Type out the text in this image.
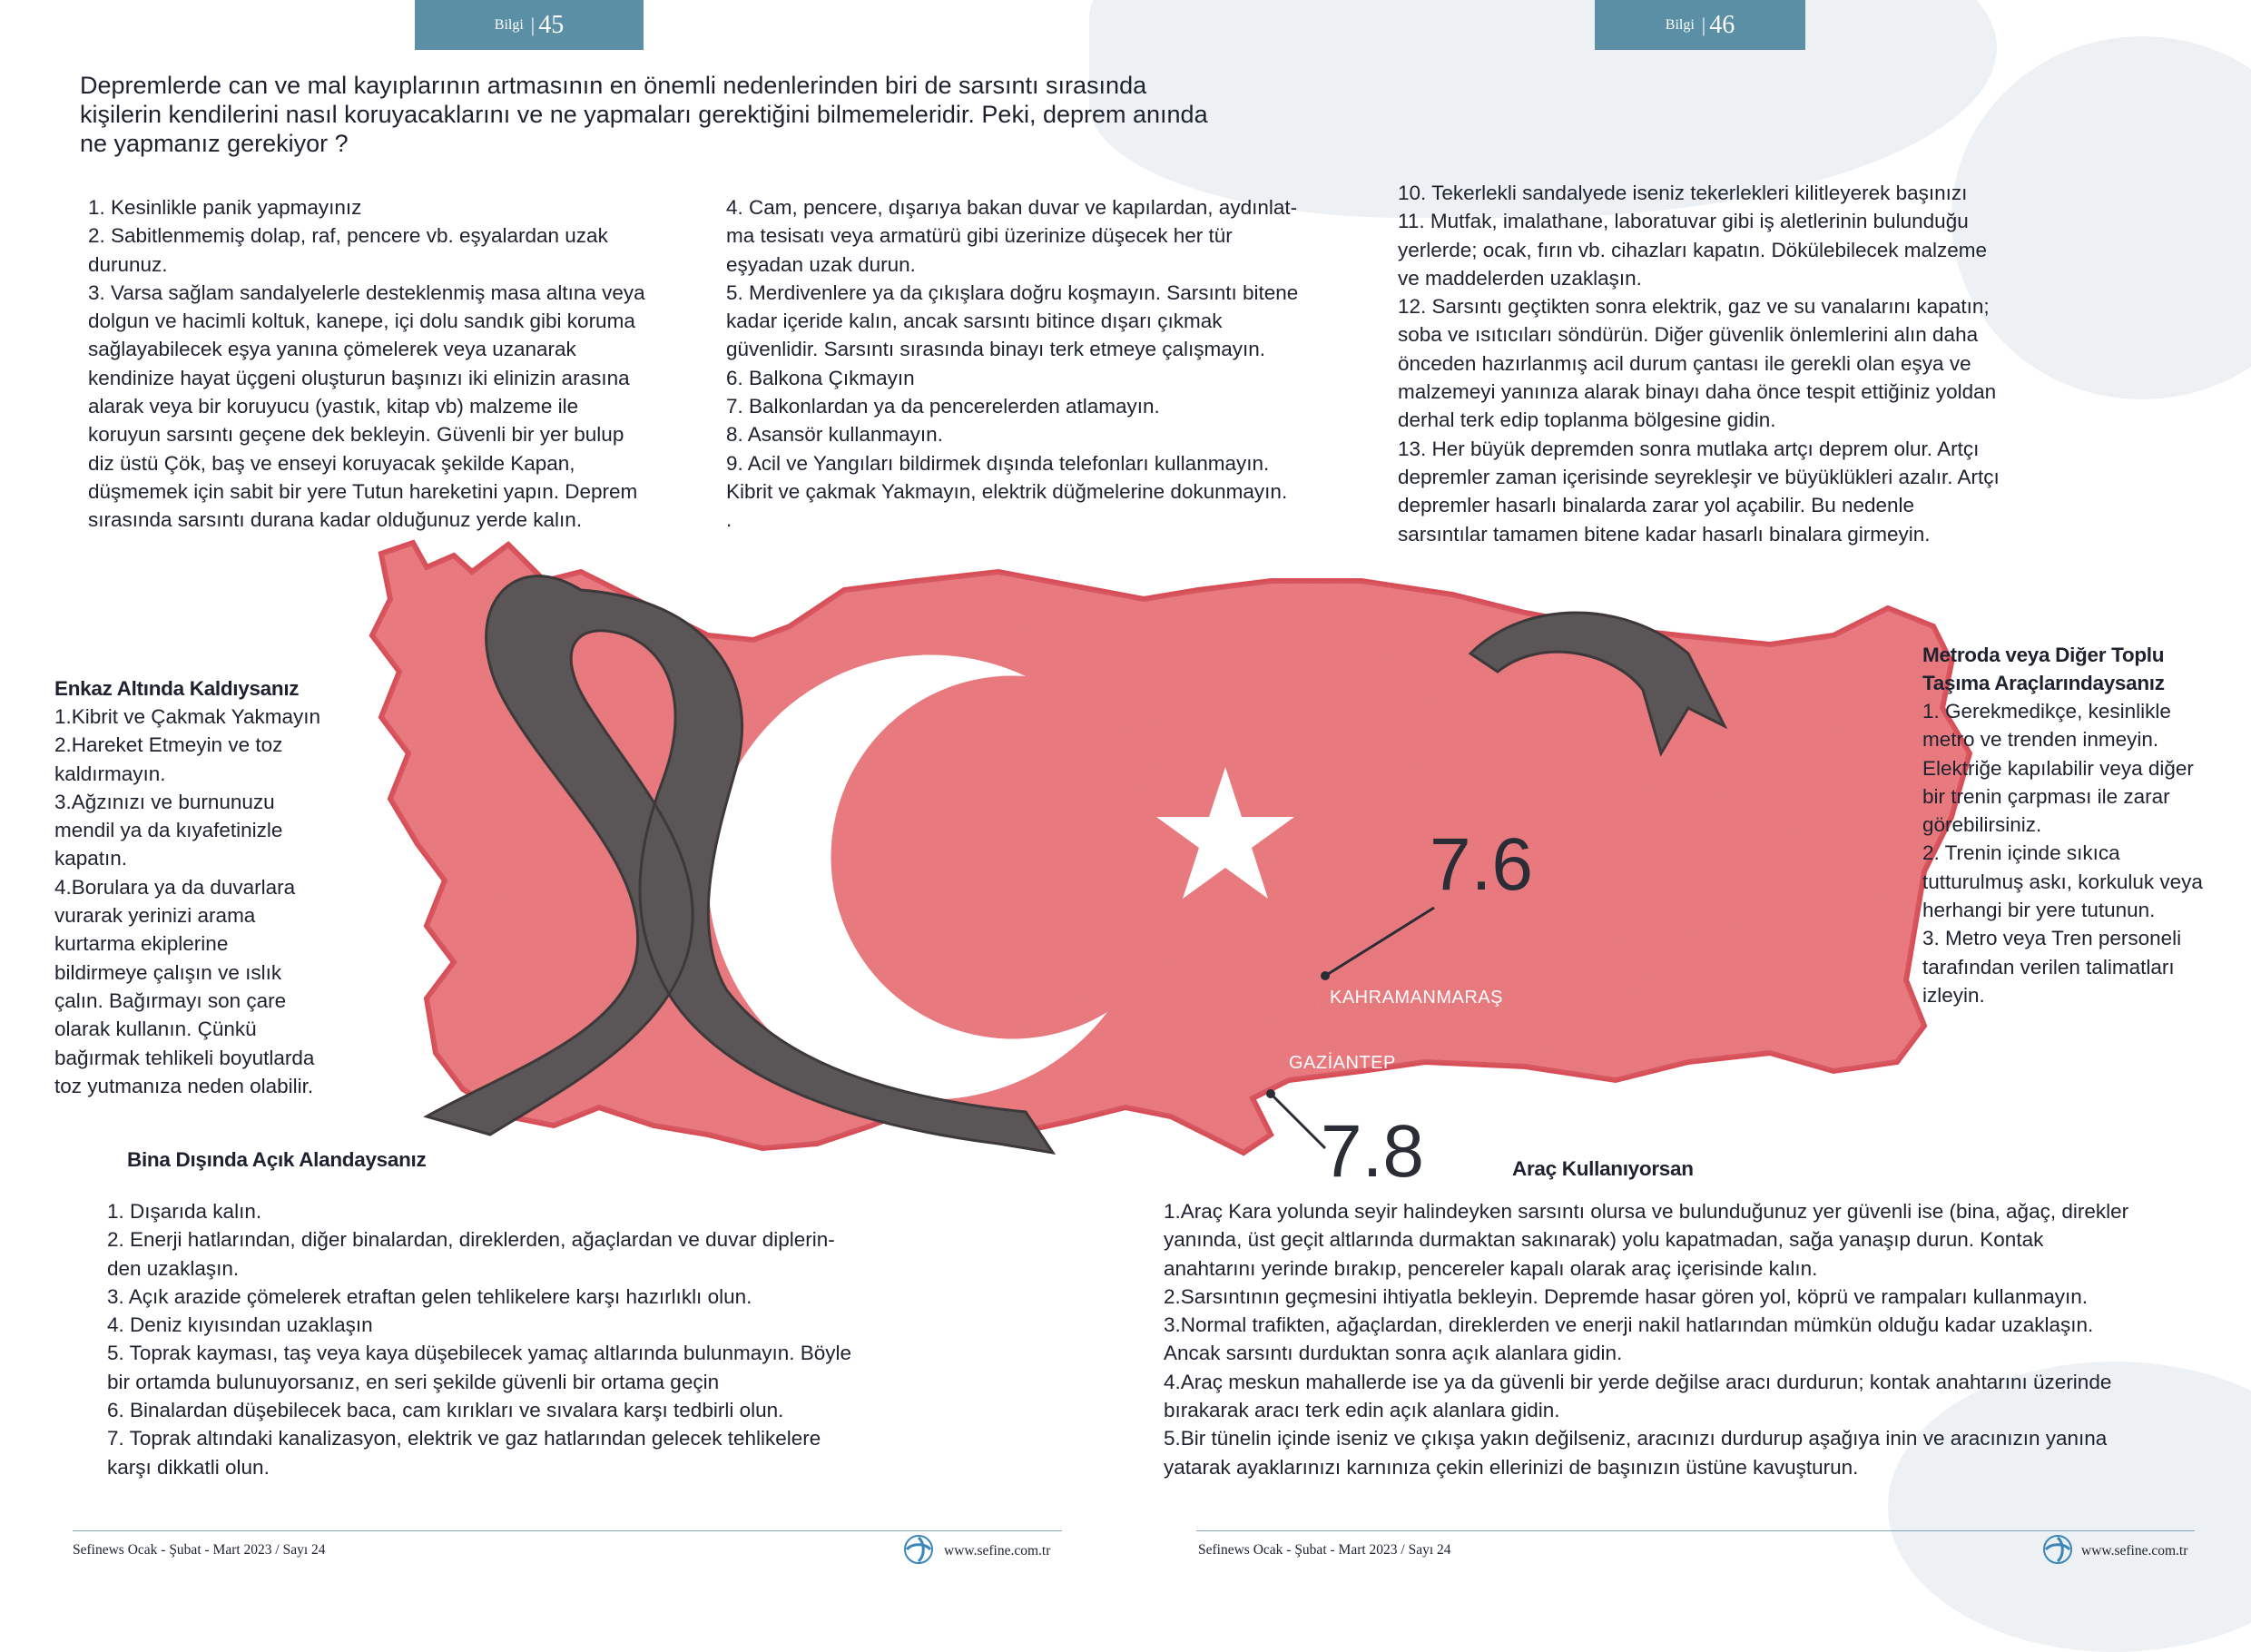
Bilgi | 45	Bilgi | 46

Depremlerde can ve mal kayıplarının artmasının en önemli nedenlerinden biri de sarsıntı sırasında kişilerin kendilerini nasıl koruyacaklarını ve ne yapmaları gerektiğini bilmemeleridir. Peki, deprem anında ne yapmanız gerekiyor ?

7.6
KAHRAMANMARAŞ
GAZİANTEP
7.8

1. Kesinlikle panik yapmayınız

2. Sabitlenmemiş dolap, raf, pencere vb. eşyalardan uzak

durunuz.

3. Varsa sağlam sandalyelerle desteklenmiş masa altına veya

dolgun ve hacimli koltuk, kanepe, içi dolu sandık gibi koruma

sağlayabilecek eşya yanına çömelerek veya uzanarak

kendinize hayat üçgeni oluşturun başınızı iki elinizin arasına

alarak veya bir koruyucu (yastık, kitap vb) malzeme ile

koruyun sarsıntı geçene dek bekleyin. Güvenli bir yer bulup

diz üstü Çök, baş ve enseyi koruyacak şekilde Kapan,

düşmemek için sabit bir yere Tutun hareketini yapın. Deprem

sırasında sarsıntı durana kadar olduğunuz yerde kalın.

4. Cam, pencere, dışarıya bakan duvar ve kapılardan, aydınlat-

ma tesisatı veya armatürü gibi üzerinize düşecek her tür

eşyadan uzak durun.

5. Merdivenlere ya da çıkışlara doğru koşmayın. Sarsıntı bitene

kadar içeride kalın, ancak sarsıntı bitince dışarı çıkmak

güvenlidir. Sarsıntı sırasında binayı terk etmeye çalışmayın.

6. Balkona Çıkmayın

7. Balkonlardan ya da pencerelerden atlamayın.

8. Asansör kullanmayın.

9. Acil ve Yangıları bildirmek dışında telefonları kullanmayın.

Kibrit ve çakmak Yakmayın, elektrik düğmelerine dokunmayın.

.

10. Tekerlekli sandalyede iseniz tekerlekleri kilitleyerek başınızı

11. Mutfak, imalathane, laboratuvar gibi iş aletlerinin bulunduğu

yerlerde; ocak, fırın vb. cihazları kapatın. Dökülebilecek malzeme

ve maddelerden uzaklaşın.

12. Sarsıntı geçtikten sonra elektrik, gaz ve su vanalarını kapatın;

soba ve ısıtıcıları söndürün. Diğer güvenlik önlemlerini alın daha

önceden hazırlanmış acil durum çantası ile gerekli olan eşya ve

malzemeyi yanınıza alarak binayı daha önce tespit ettiğiniz yoldan

derhal terk edip toplanma bölgesine gidin.

13. Her büyük depremden sonra mutlaka artçı deprem olur. Artçı

depremler zaman içerisinde seyrekleşir ve büyüklükleri azalır. Artçı

depremler hasarlı binalarda zarar yol açabilir. Bu nedenle

sarsıntılar tamamen bitene kadar hasarlı binalara girmeyin.

Enkaz Altında Kaldıysanız

1.Kibrit ve Çakmak Yakmayın

2.Hareket Etmeyin ve toz

kaldırmayın.

3.Ağzınızı ve burnunuzu

mendil ya da kıyafetinizle

kapatın.

4.Borulara ya da duvarlara

vurarak yerinizi arama

kurtarma ekiplerine

bildirmeye çalışın ve ıslık

çalın. Bağırmayı son çare

olarak kullanın. Çünkü

bağırmak tehlikeli boyutlarda

toz yutmanıza neden olabilir.

Metroda veya Diğer Toplu

Taşıma Araçlarındaysanız

1. Gerekmedikçe, kesinlikle

metro ve trenden inmeyin.

Elektriğe kapılabilir veya diğer

bir trenin çarpması ile zarar

görebilirsiniz.

2. Trenin içinde sıkıca

tutturulmuş askı, korkuluk veya

herhangi bir yere tutunun.

3. Metro veya Tren personeli

tarafından verilen talimatları

izleyin.

Bina Dışında Açık Alandaysanız

1. Dışarıda kalın.

2. Enerji hatlarından, diğer binalardan, direklerden, ağaçlardan ve duvar diplerin-

den uzaklaşın.

3. Açık arazide çömelerek etraftan gelen tehlikelere karşı hazırlıklı olun.

4. Deniz kıyısından uzaklaşın

5. Toprak kayması, taş veya kaya düşebilecek yamaç altlarında bulunmayın. Böyle

bir ortamda bulunuyorsanız, en seri şekilde güvenli bir ortama geçin

6. Binalardan düşebilecek baca, cam kırıkları ve sıvalara karşı tedbirli olun.

7. Toprak altındaki kanalizasyon, elektrik ve gaz hatlarından gelecek tehlikelere

karşı dikkatli olun.

Araç Kullanıyorsan

1.Araç Kara yolunda seyir halindeyken sarsıntı olursa ve bulunduğunuz yer güvenli ise (bina, ağaç, direkler

yanında, üst geçit altlarında durmaktan sakınarak) yolu kapatmadan, sağa yanaşıp durun. Kontak

anahtarını yerinde bırakıp, pencereler kapalı olarak araç içerisinde kalın.

2.Sarsıntının geçmesini ihtiyatla bekleyin. Depremde hasar gören yol, köprü ve rampaları kullanmayın.

3.Normal trafikten, ağaçlardan, direklerden ve enerji nakil hatlarından mümkün olduğu kadar uzaklaşın.

Ancak sarsıntı durduktan sonra açık alanlara gidin.

4.Araç meskun mahallerde ise ya da güvenli bir yerde değilse aracı durdurun; kontak anahtarını üzerinde

bırakarak aracı terk edin açık alanlara gidin.

5.Bir tünelin içinde iseniz ve çıkışa yakın değilseniz, aracınızı durdurup aşağıya inin ve aracınızın yanına

yatarak ayaklarınızı karnınıza çekin ellerinizi de başınızın üstüne kavuşturun.

Sefinews Ocak - Şubat - Mart 2023 / Sayı 24	www.sefine.com.tr	Sefinews Ocak - Şubat - Mart 2023 / Sayı 24	www.sefine.com.tr
